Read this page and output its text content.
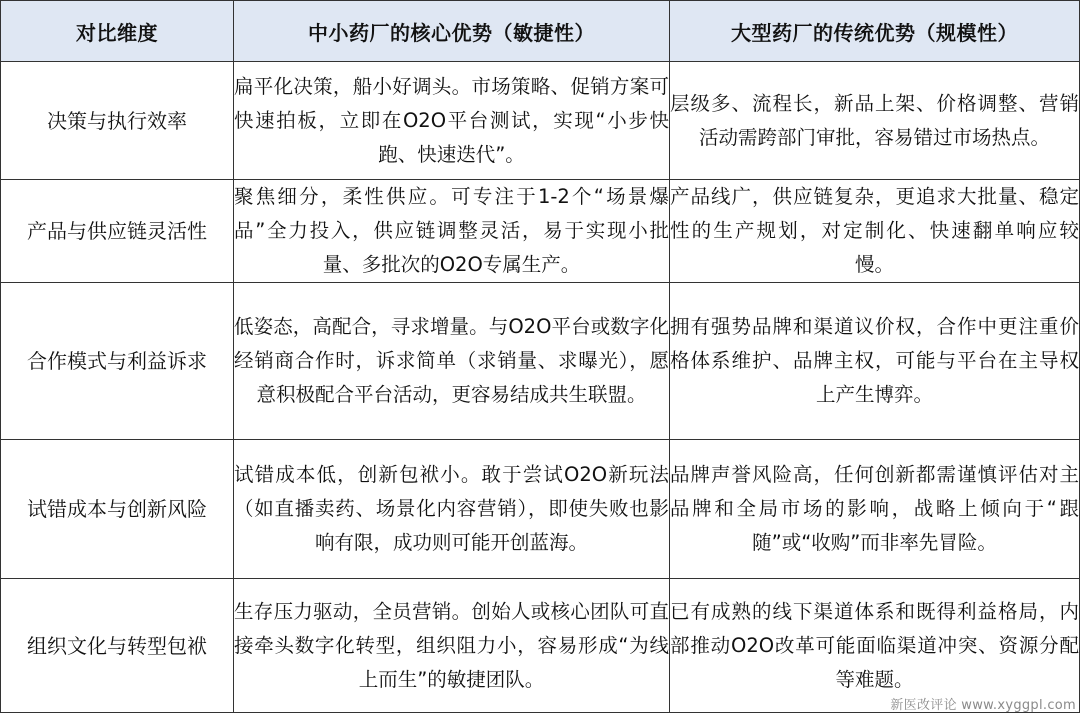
对比维度	中小药厂的核心优势（敏捷性）	大型药厂的传统优势（规模性）
决策与执行效率	扁平化决策，船小好调头。市场策略、促销方案可快速拍板，立即在O2O平台测试，实现“小步快跑、快速迭代”。	层级多、流程长，新品上架、价格调整、营销活动需跨部门审批，容易错过市场热点。

产品与供应链灵活性	聚焦细分，柔性供应。可专注于1-2个“场景爆品”全力投入，供应链调整灵活，易于实现小批量、多批次的O2O专属生产。	产品线广，供应链复杂，更追求大批量、稳定性的生产规划，对定制化、快速翻单响应较慢。

合作模式与利益诉求	低姿态，高配合，寻求增量。与O2O平台或数字化经销商合作时，诉求简单（求销量、求曝光），愿意积极配合平台活动，更容易结成共生联盟。	拥有强势品牌和渠道议价权，合作中更注重价格体系维护、品牌主权，可能与平台在主导权上产生博弈。

试错成本与创新风险	试错成本低，创新包袱小。敢于尝试O2O新玩法（如直播卖药、场景化内容营销），即使失败也影响有限，成功则可能开创蓝海。	品牌声誉风险高，任何创新都需谨慎评估对主品牌和全局市场的影响，战略上倾向于“跟随”或“收购”而非率先冒险。

组织文化与转型包袱	生存压力驱动，全员营销。创始人或核心团队可直接牵头数字化转型，组织阻力小，容易形成“为线上而生”的敏捷团队。	已有成熟的线下渠道体系和既得利益格局，内部推动O2O改革可能面临渠道冲突、资源分配等难题。
新医改评论 www.xyggpl.com
